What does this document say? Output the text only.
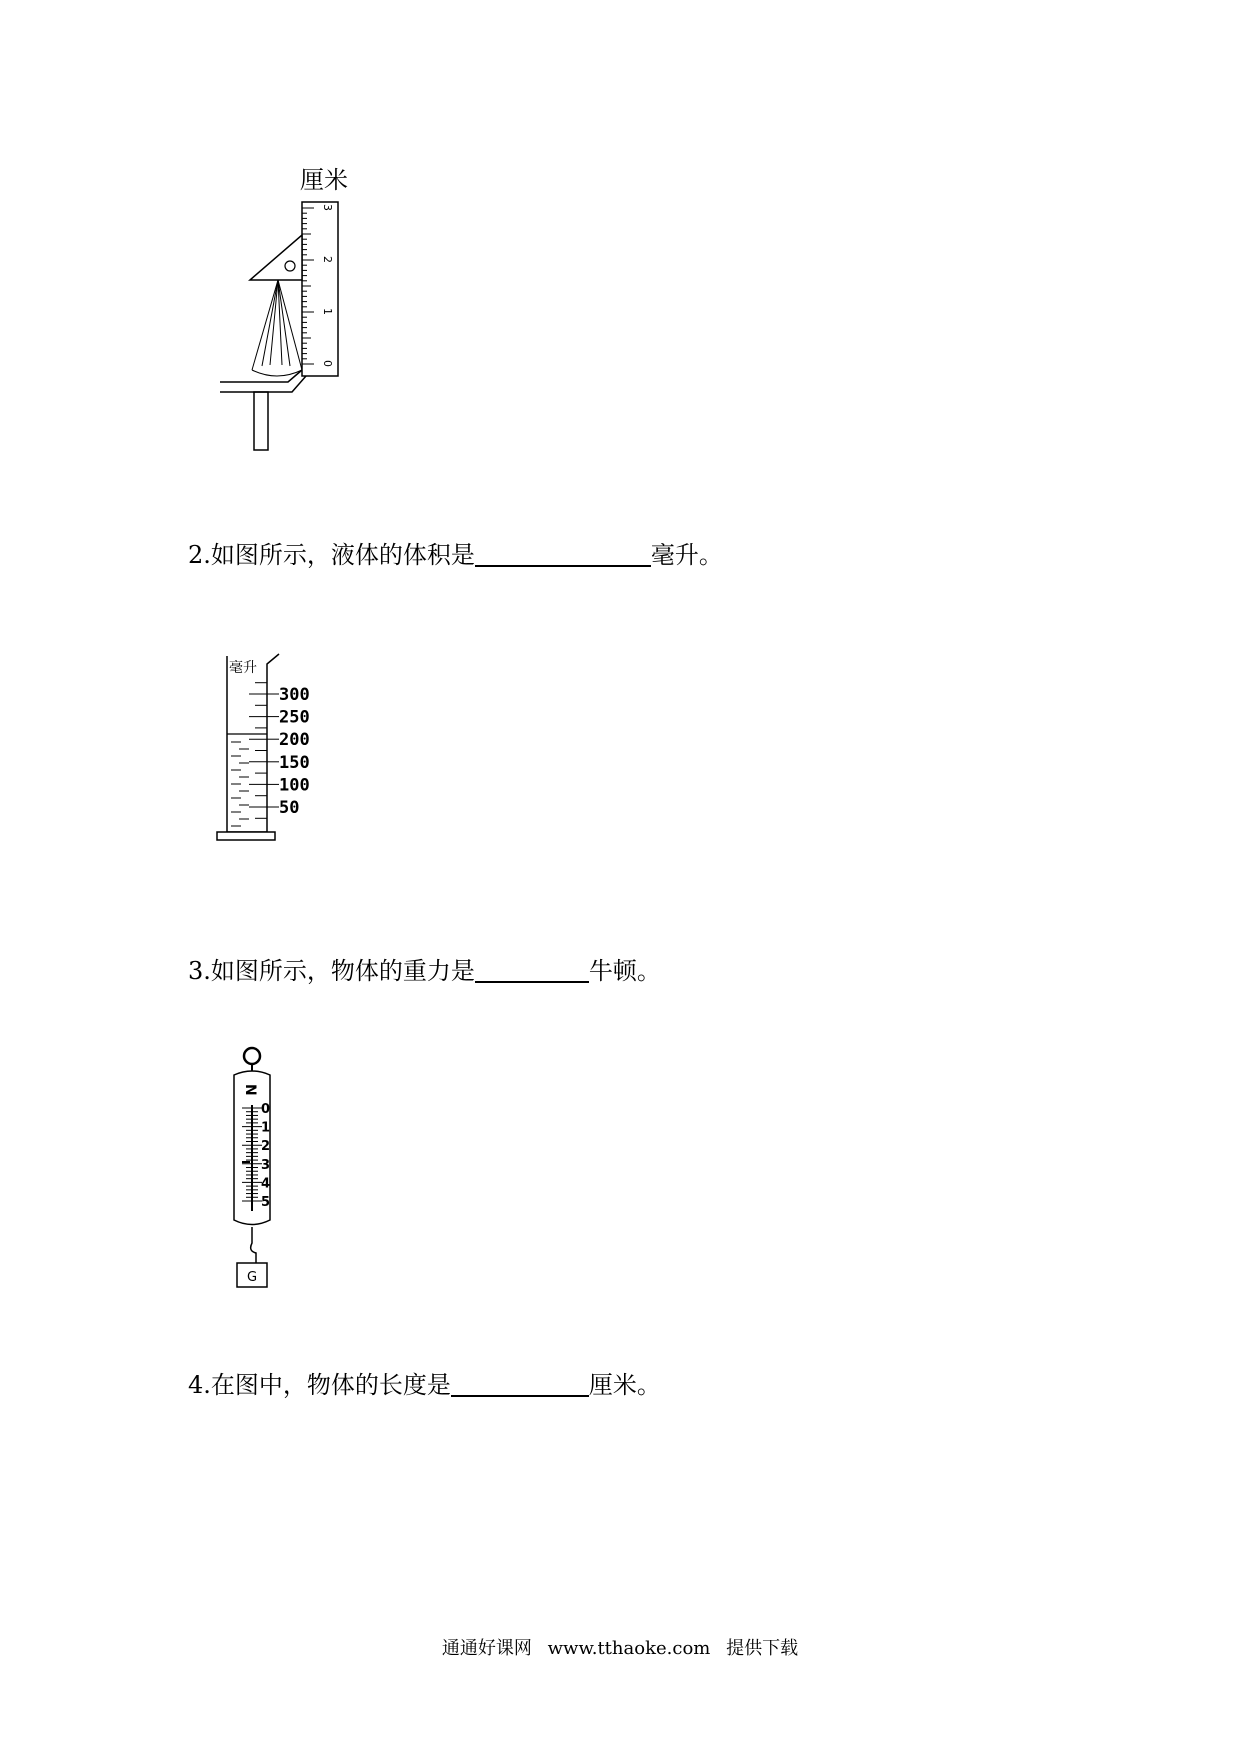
厘米
3
2
1
0
2.如图所示，液体的体积是	毫升。
毫升
300
250
200
150
100
50
3.如图所示，物体的重力是	牛顿。
N
0
1
2
3
4
5
G
4.在图中，物体的长度是	厘米。
通通好课网 www.tthaoke.com 提供下载
